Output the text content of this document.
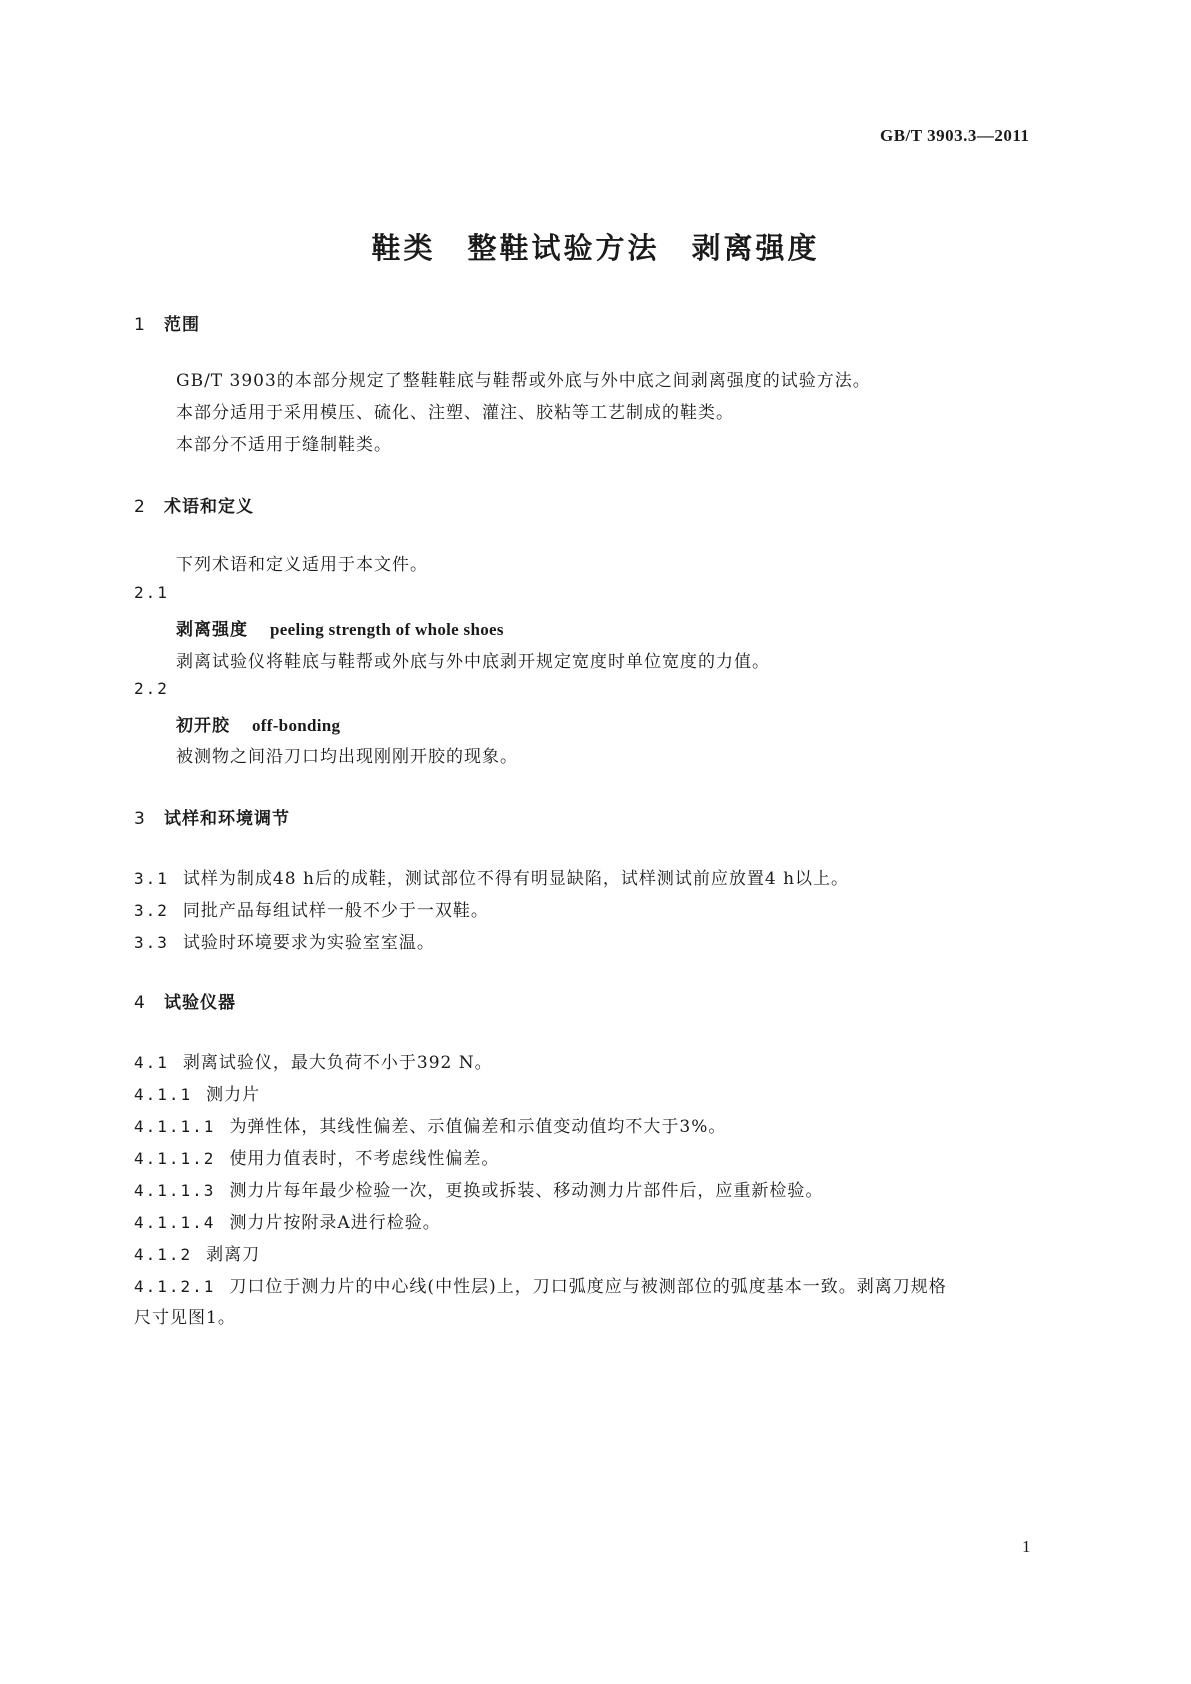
GB/T 3903.3—2011
鞋类　整鞋试验方法　剥离强度
1 范围
GB/T 3903的本部分规定了整鞋鞋底与鞋帮或外底与外中底之间剥离强度的试验方法。
本部分适用于采用模压、硫化、注塑、灌注、胶粘等工艺制成的鞋类。
本部分不适用于缝制鞋类。
2 术语和定义
下列术语和定义适用于本文件。
2.1
剥离强度 peeling strength of whole shoes
剥离试验仪将鞋底与鞋帮或外底与外中底剥开规定宽度时单位宽度的力值。
2.2
初开胶 off-bonding
被测物之间沿刀口均出现刚刚开胶的现象。
3 试样和环境调节
3.1 试样为制成48 h后的成鞋，测试部位不得有明显缺陷，试样测试前应放置4 h以上。
3.2 同批产品每组试样一般不少于一双鞋。
3.3 试验时环境要求为实验室室温。
4 试验仪器
4.1 剥离试验仪，最大负荷不小于392 N。
4.1.1 测力片
4.1.1.1 为弹性体，其线性偏差、示值偏差和示值变动值均不大于3%。
4.1.1.2 使用力值表时，不考虑线性偏差。
4.1.1.3 测力片每年最少检验一次，更换或拆装、移动测力片部件后，应重新检验。
4.1.1.4 测力片按附录A进行检验。
4.1.2 剥离刀
4.1.2.1 刀口位于测力片的中心线(中性层)上，刀口弧度应与被测部位的弧度基本一致。剥离刀规格
尺寸见图1。
1
